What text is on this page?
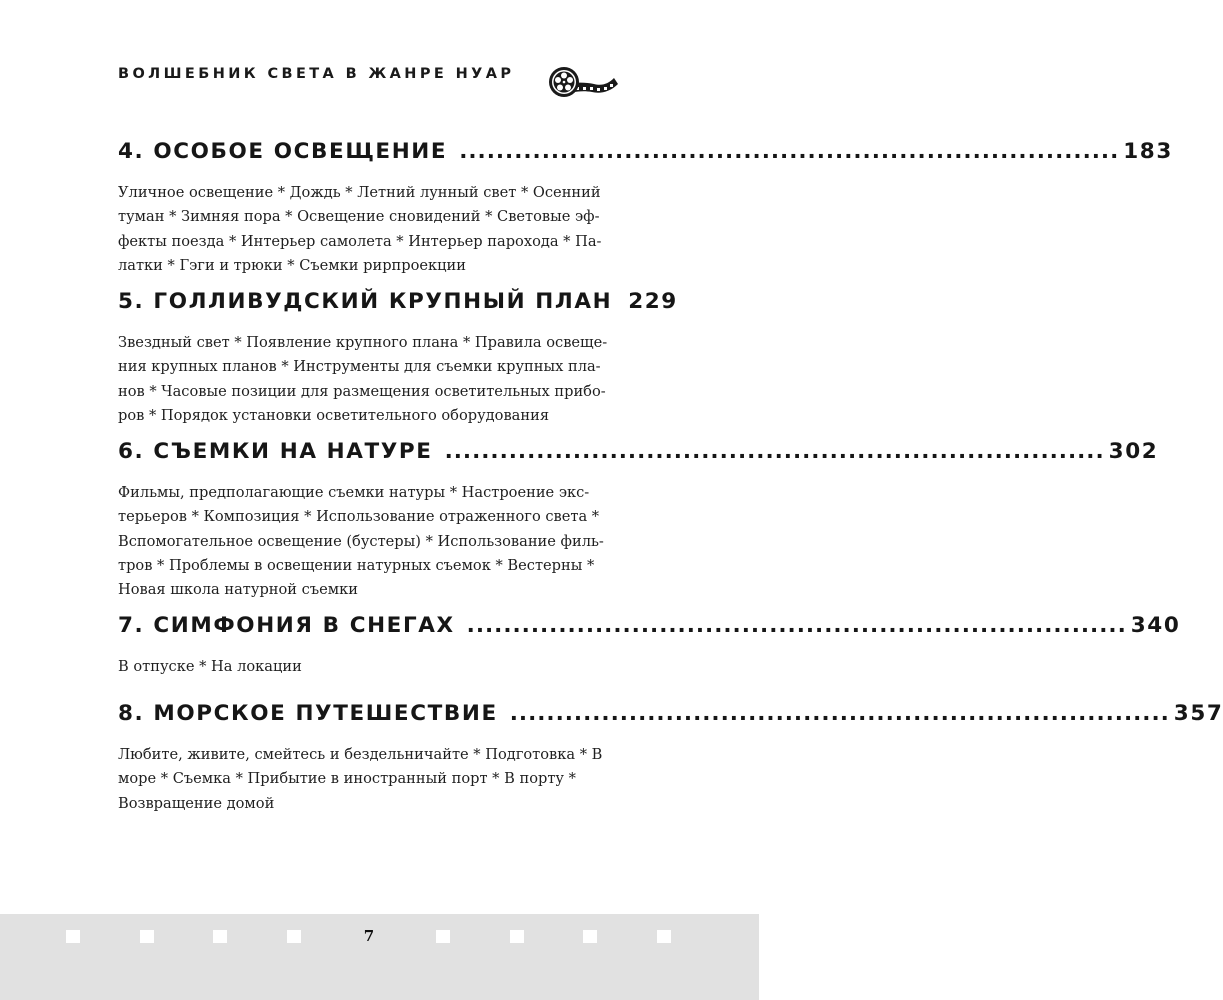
ВОЛШЕБНИК СВЕТА В ЖАНРЕ НУАР
4. ОСОБОЕ ОСВЕЩЕНИЕ ........................................................................ 183
Уличное освещение * Дождь * Летний лунный свет * Осенний
туман * Зимняя пора * Освещение сновидений * Световые эф-
фекты поезда * Интерьер самолета * Интерьер парохода * Па-
латки * Гэги и трюки * Съемки рирпроекции
5. ГОЛЛИВУДСКИЙ КРУПНЫЙ ПЛАН 229
Звездный свет * Появление крупного плана * Правила освеще-
ния крупных планов * Инструменты для съемки крупных пла-
нов * Часовые позиции для размещения осветительных прибо-
ров * Порядок установки осветительного оборудования
6. СЪЕМКИ НА НАТУРЕ ........................................................................ 302
Фильмы, предполагающие съемки натуры * Настроение экс-
терьеров * Композиция * Использование отраженного света *
Вспомогательное освещение (бустеры) * Использование филь-
тров * Проблемы в освещении натурных съемок * Вестерны *
Новая школа натурной съемки
7. СИМФОНИЯ В СНЕГАХ ........................................................................ 340
В отпуске * На локации
8. МОРСКОЕ ПУТЕШЕСТВИЕ ........................................................................ 357
Любите, живите, смейтесь и бездельничайте * Подготовка * В
море * Съемка * Прибытие в иностранный порт * В порту *
Возвращение домой
7
